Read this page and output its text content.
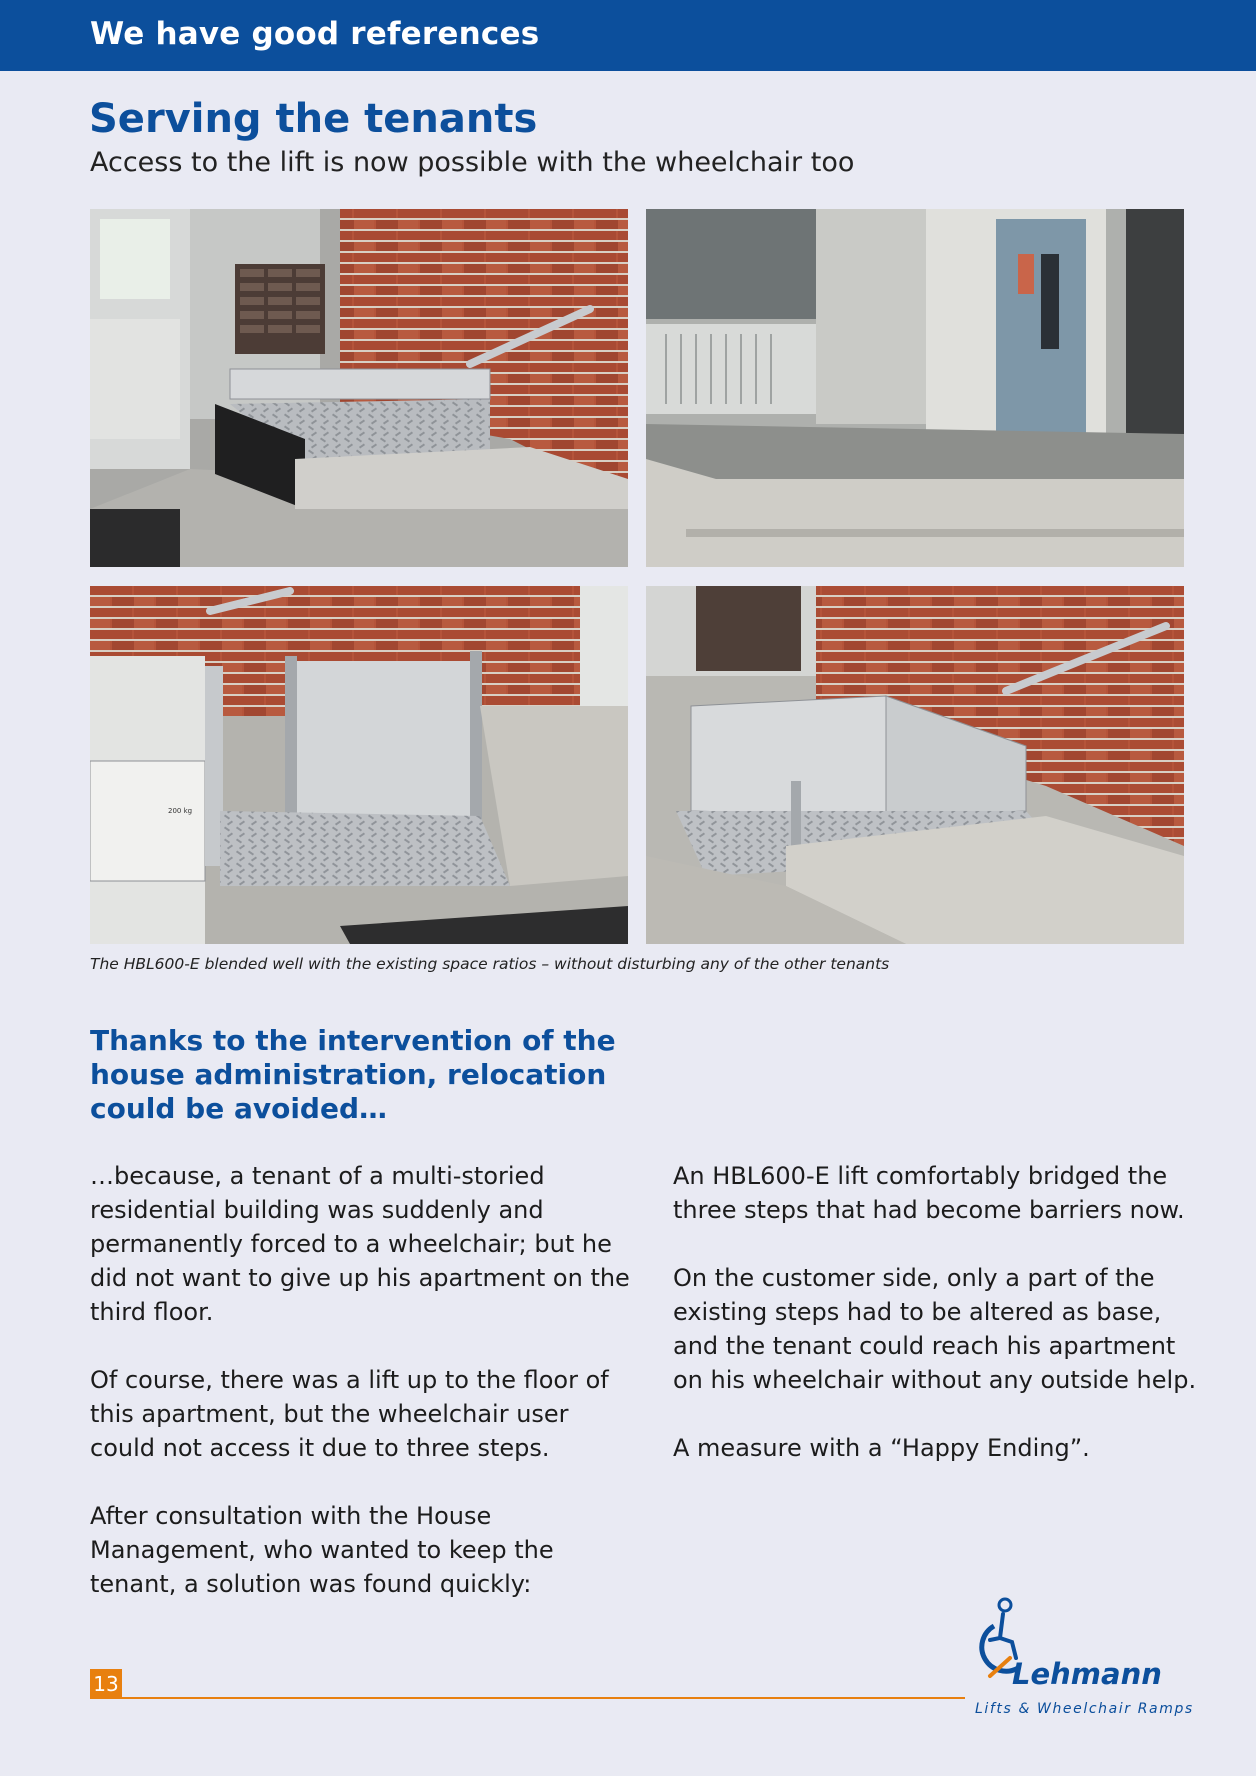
We have good references
Serving the tenants
Access to the lift is now possible with the wheelchair too
200 kg
The HBL600-E blended well with the existing space ratios – without disturbing any of the other tenants
Thanks to the intervention of the house administration, relocation could be avoided…

…because, a tenant of a multi-storied residential building was suddenly and permanently forced to a wheelchair; but he did not want to give up his apartment on the third floor.

Of course, there was a lift up to the floor of this apartment, but the wheelchair user could not access it due to three steps.

After consultation with the House Management, who wanted to keep the tenant, a solution was found quickly:

An HBL600-E lift comfortably bridged the three steps that had become barriers now.

On the customer side, only a part of the existing steps had to be altered as base, and the tenant could reach his apartment on his wheelchair without any outside help.

A measure with a “Happy Ending”.

13	Lehmann
Lifts & Wheelchair Ramps
